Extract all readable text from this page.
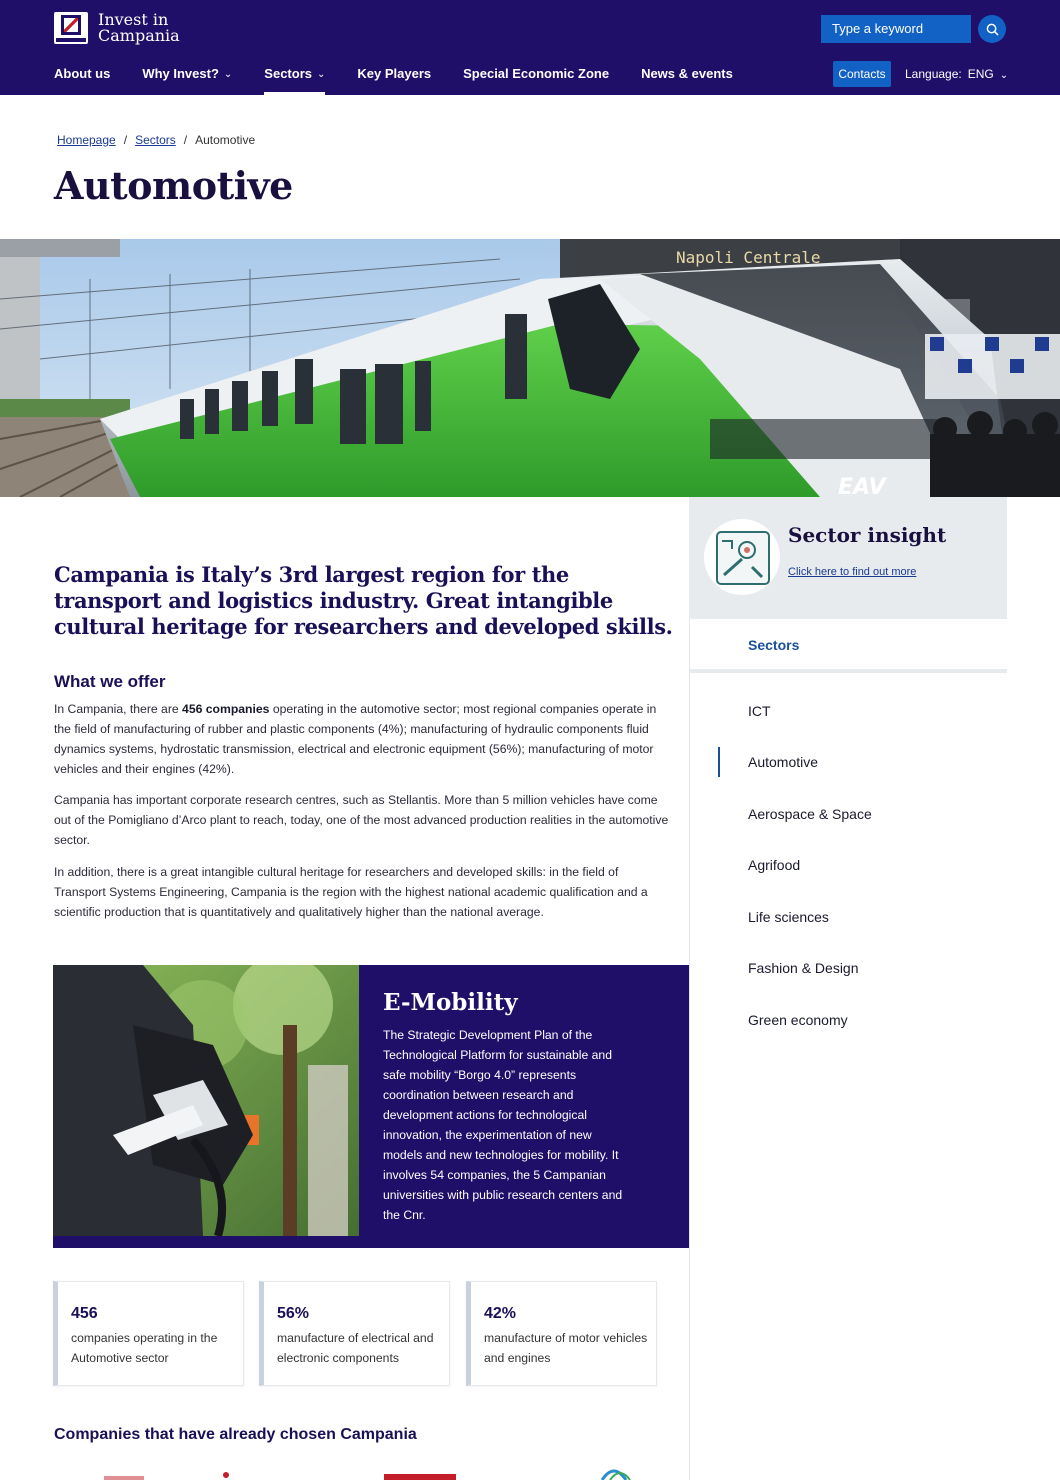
Invest in
Campania	Type a keyword
About us Why Invest? ⌄ Sectors ⌄ Key Players Special Economic Zone News & events	Contacts	Language: ENG ⌄
Homepage / Sectors / Automotive
Automotive
Napoli Centrale
EAV
Sector insight
Click here to find out more
Sectors
ICT
Automotive
Aerospace & Space
Agrifood
Life sciences
Fashion & Design
Green economy
Campania is Italy’s 3rd largest region for the transport and logistics industry. Great intangible cultural heritage for researchers and developed skills.
What we offer

In Campania, there are 456 companies operating in the automotive sector; most regional companies operate in the field of manufacturing of rubber and plastic components (4%); manufacturing of hydraulic components fluid dynamics systems, hydrostatic transmission, electrical and electronic equipment (56%); manufacturing of motor vehicles and their engines (42%).

Campania has important corporate research centres, such as Stellantis. More than 5 million vehicles have come out of the Pomigliano d’Arco plant to reach, today, one of the most advanced production realities in the automotive sector.

In addition, there is a great intangible cultural heritage for researchers and developed skills: in the field of Transport Systems Engineering, Campania is the region with the highest national academic qualification and a scientific production that is quantitatively and qualitatively higher than the national average.

E-Mobility
The Strategic Development Plan of the Technological Platform for sustainable and safe mobility “Borgo 4.0” represents coordination between research and development actions for technological innovation, the experimentation of new models and new technologies for mobility. It involves 54 companies, the 5 Campanian universities with public research centers and the Cnr.
456
companies operating in the Automotive sector
56%
manufacture of electrical and electronic components
42%
manufacture of motor vehicles and engines
Companies that have already chosen Campania
